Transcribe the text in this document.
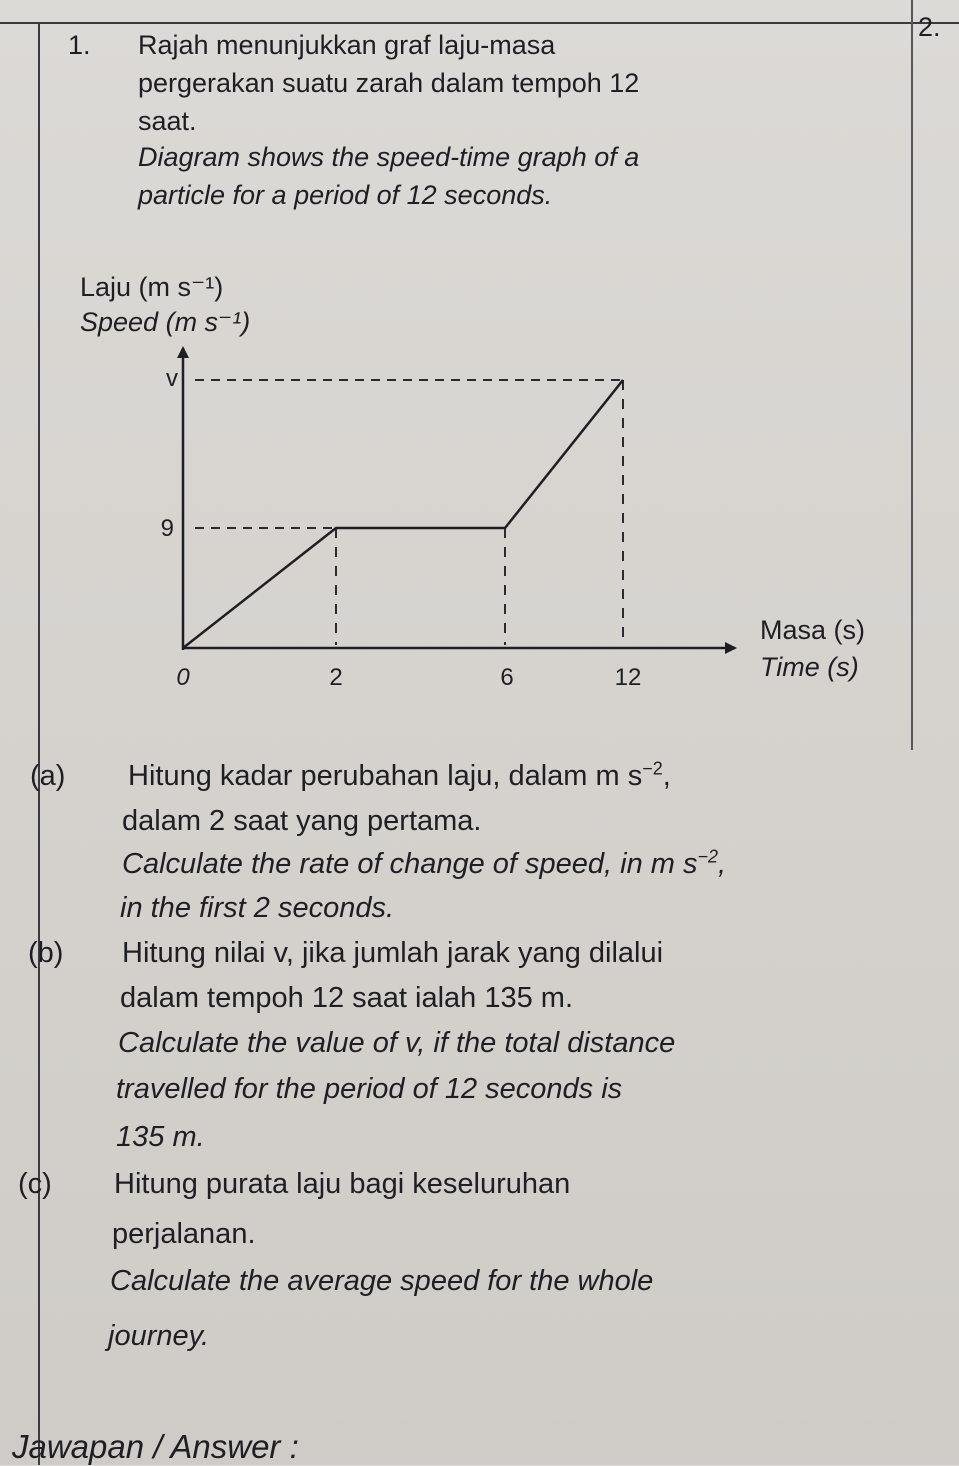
2.
1. Rajah menunjukkan graf laju-masa
pergerakan suatu zarah dalam tempoh 12
saat.
Diagram shows the speed-time graph of a
particle for a period of 12 seconds.
Laju (m s⁻¹)
Speed (m s⁻¹)
Masa (s)
Time (s)
0	2	6	12
9
v
(a) Hitung kadar perubahan laju, dalam m $s^{-2}$,
dalam 2 saat yang pertama.
Calculate the rate of change of speed, in m $s^{-2}$,
in the first 2 seconds.
(b) Hitung nilai v, jika jumlah jarak yang dilalui
dalam tempoh 12 saat ialah 135 m.
Calculate the value of v, if the total distance
travelled for the period of 12 seconds is
135 m.
(c) Hitung purata laju bagi keseluruhan
perjalanan.
Calculate the average speed for the whole
journey.
Jawapan / Answer :
